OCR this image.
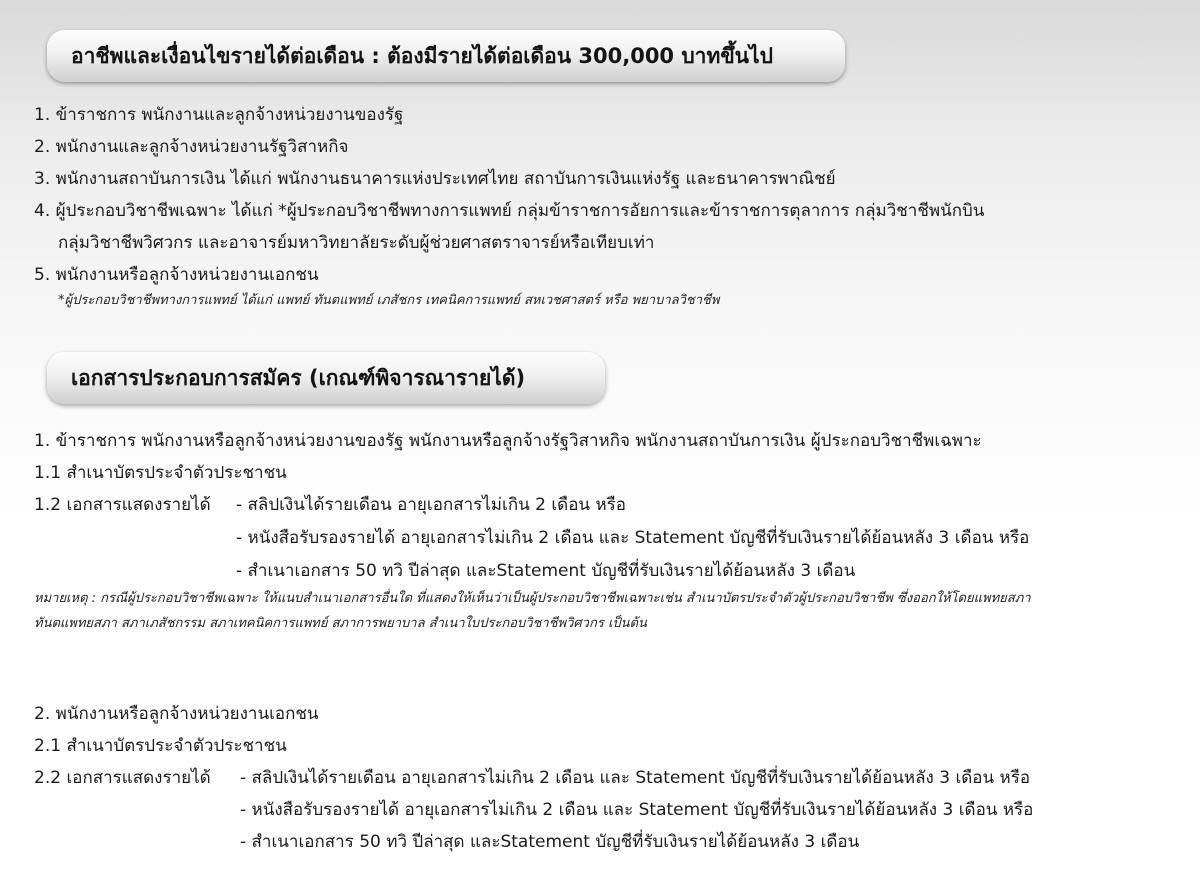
อาชีพและเงื่อนไขรายได้ต่อเดือน : ต้องมีรายได้ต่อเดือน 300,000 บาทขึ้นไป
1. ข้าราชการ พนักงานและลูกจ้างหน่วยงานของรัฐ
2. พนักงานและลูกจ้างหน่วยงานรัฐวิสาหกิจ
3. พนักงานสถาบันการเงิน ได้แก่ พนักงานธนาคารแห่งประเทศไทย สถาบันการเงินแห่งรัฐ และธนาคารพาณิชย์
4. ผู้ประกอบวิชาชีพเฉพาะ ได้แก่ *ผู้ประกอบวิชาชีพทางการแพทย์ กลุ่มข้าราชการอัยการและข้าราชการตุลาการ กลุ่มวิชาชีพนักบิน
กลุ่มวิชาชีพวิศวกร และอาจารย์มหาวิทยาลัยระดับผู้ช่วยศาสตราจารย์หรือเทียบเท่า
5. พนักงานหรือลูกจ้างหน่วยงานเอกชน
*ผู้ประกอบวิชาชีพทางการแพทย์ ได้แก่ แพทย์ ทันตแพทย์ เภสัชกร เทคนิคการแพทย์ สหเวชศาสตร์ หรือ พยาบาลวิชาชีพ
เอกสารประกอบการสมัคร (เกณฑ์พิจารณารายได้)
1. ข้าราชการ พนักงานหรือลูกจ้างหน่วยงานของรัฐ พนักงานหรือลูกจ้างรัฐวิสาหกิจ พนักงานสถาบันการเงิน ผู้ประกอบวิชาชีพเฉพาะ
1.1 สำเนาบัตรประจำตัวประชาชน
1.2 เอกสารแสดงรายได้ - สลิปเงินได้รายเดือน อายุเอกสารไม่เกิน 2 เดือน หรือ
- หนังสือรับรองรายได้ อายุเอกสารไม่เกิน 2 เดือน และ Statement บัญชีที่รับเงินรายได้ย้อนหลัง 3 เดือน หรือ
- สำเนาเอกสาร 50 ทวิ ปีล่าสุด และStatement บัญชีที่รับเงินรายได้ย้อนหลัง 3 เดือน
หมายเหตุ : กรณีผู้ประกอบวิชาชีพเฉพาะ ให้แนบสำเนาเอกสารอื่นใด ที่แสดงให้เห็นว่าเป็นผู้ประกอบวิชาชีพเฉพาะเช่น สำเนาบัตรประจำตัวผู้ประกอบวิชาชีพ ซึ่งออกให้โดยแพทยสภา
ทันตแพทยสภา สภาเภสัชกรรม สภาเทคนิคการแพทย์ สภาการพยาบาล สำเนาใบประกอบวิชาชีพวิศวกร เป็นต้น
2. พนักงานหรือลูกจ้างหน่วยงานเอกชน
2.1 สำเนาบัตรประจำตัวประชาชน
2.2 เอกสารแสดงรายได้ - สลิปเงินได้รายเดือน อายุเอกสารไม่เกิน 2 เดือน และ Statement บัญชีที่รับเงินรายได้ย้อนหลัง 3 เดือน หรือ
- หนังสือรับรองรายได้ อายุเอกสารไม่เกิน 2 เดือน และ Statement บัญชีที่รับเงินรายได้ย้อนหลัง 3 เดือน หรือ
- สำเนาเอกสาร 50 ทวิ ปีล่าสุด และStatement บัญชีที่รับเงินรายได้ย้อนหลัง 3 เดือน
